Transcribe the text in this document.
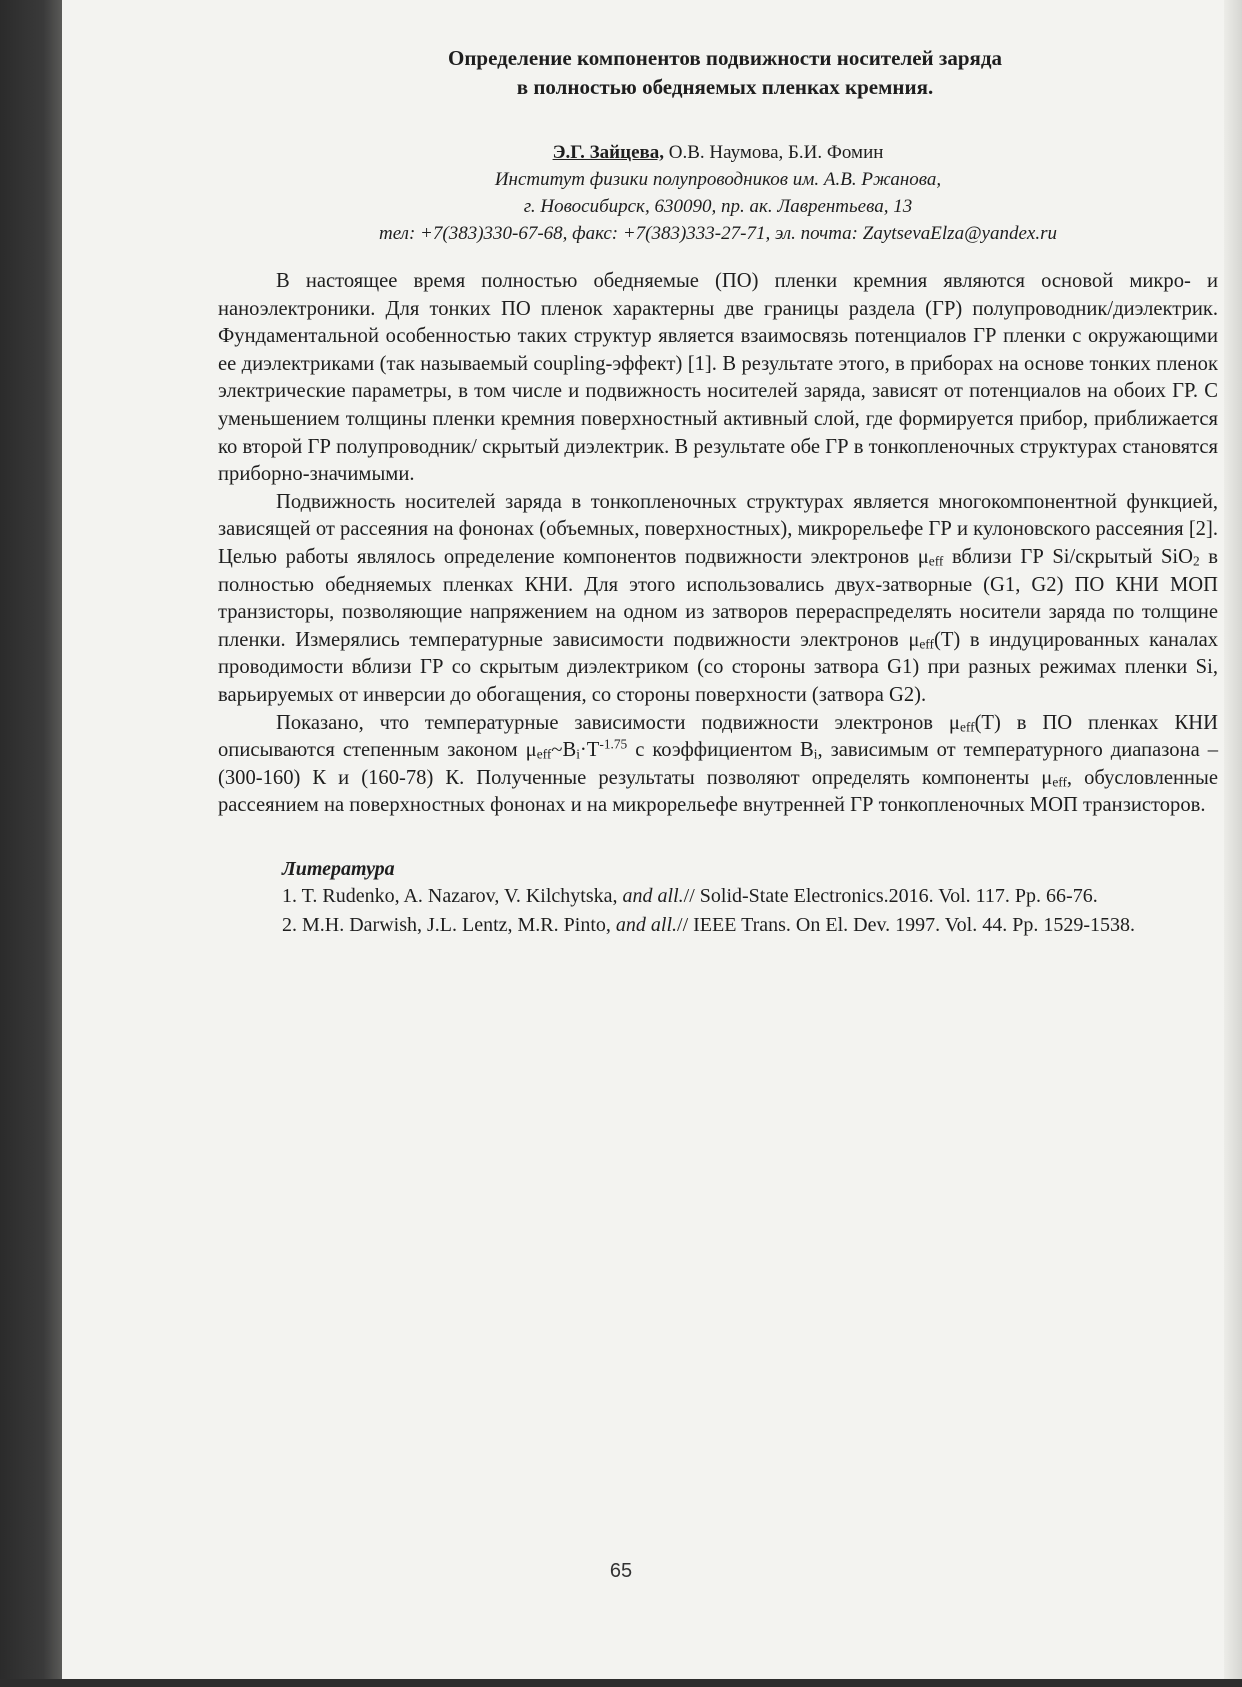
Определение компонентов подвижности носителей заряда
в полностью обедняемых пленках кремния.
Э.Г. Зайцева, О.В. Наумова, Б.И. Фомин
Институт физики полупроводников им. А.В. Ржанова,
г. Новосибирск, 630090, пр. ак. Лаврентьева, 13
тел: +7(383)330-67-68, факс: +7(383)333-27-71, эл. почта: ZaytsevaElza@yandex.ru

В настоящее время полностью обедняемые (ПО) пленки кремния являются основой микро- и наноэлектроники. Для тонких ПО пленок характерны две границы раздела (ГР) полупроводник/диэлектрик. Фундаментальной особенностью таких структур является взаимосвязь потенциалов ГР пленки с окружающими ее диэлектриками (так называемый coupling-эффект) [1]. В результате этого, в приборах на основе тонких пленок электрические параметры, в том числе и подвижность носителей заряда, зависят от потенциалов на обоих ГР. С уменьшением толщины пленки кремния поверхностный активный слой, где формируется прибор, приближается ко второй ГР полупроводник/ скрытый диэлектрик. В результате обе ГР в тонкопленочных структурах становятся приборно-значимыми.

Подвижность носителей заряда в тонкопленочных структурах является многокомпонентной функцией, зависящей от рассеяния на фононах (объемных, поверхностных), микрорельефе ГР и кулоновского рассеяния [2]. Целью работы являлось определение компонентов подвижности электронов $\mu_{eff}$ вблизи ГР Si/скрытый SiO$_2$ в полностью обедняемых пленках КНИ. Для этого использовались двух-затворные (G1, G2) ПО КНИ МОП транзисторы, позволяющие напряжением на одном из затворов перераспределять носители заряда по толщине пленки. Измерялись температурные зависимости подвижности электронов $\mu_{eff}(T)$ в индуцированных каналах проводимости вблизи ГР со скрытым диэлектриком (со стороны затвора G1) при разных режимах пленки Si, варьируемых от инверсии до обогащения, со стороны поверхности (затвора G2).

Показано, что температурные зависимости подвижности электронов $\mu_{eff}(T)$ в ПО пленках КНИ описываются степенным законом $\mu_{eff}\sim B_i\cdot T^{-1.75}$ с коэффициентом $B_i$, зависимым от температурного диапазона – (300-160) К и (160-78) К. Полученные результаты позволяют определять компоненты $\mu_{eff}$, обусловленные рассеянием на поверхностных фононах и на микрорельефе внутренней ГР тонкопленочных МОП транзисторов.

Литература

1. T. Rudenko, A. Nazarov, V. Kilchytska, and all.// Solid-State Electronics.2016. Vol. 117. Pp. 66-76.

2. M.H. Darwish, J.L. Lentz, M.R. Pinto, and all.// IEEE Trans. On El. Dev. 1997. Vol. 44. Pp. 1529-1538.

65
